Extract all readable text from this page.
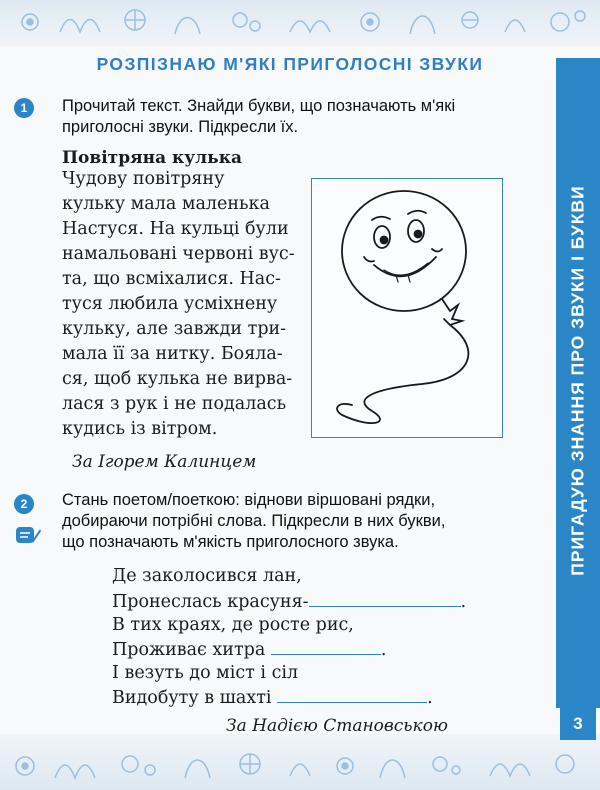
РОЗПІЗНАЮ М'ЯКІ ПРИГОЛОСНІ ЗВУКИ
ПРИГАДУЮ ЗНАННЯ ПРО ЗВУКИ І БУКВИ
3
1	Прочитай текст. Знайди букви, що позначають м'які
приголосні звуки. Підкресли їх.
Повітряна кулька
Чудову повітряну
кульку мала маленька
Настуся. На кульці були
намальовані червоні вус-
та, що всміхалися. Нас-
туся любила усміхнену
кульку, але завжди три-
мала її за нитку. Боялa-
ся, щоб кулька не вирва-
лася з рук і не подалась
кудись із вітром.
За Ігорем Калинцем
2	Стань поетом/поеткою: віднови віршовані рядки,
добираючи потрібні слова. Підкресли в них букви,
що позначають м'якість приголосного звука.
Де заколосився лан,
Пронеслась красуня-	.
В тих краях, де росте рис,
Проживає хитра	.
І везуть до міст і сіл
Видобуту в шахті	.
За Надією Становською
